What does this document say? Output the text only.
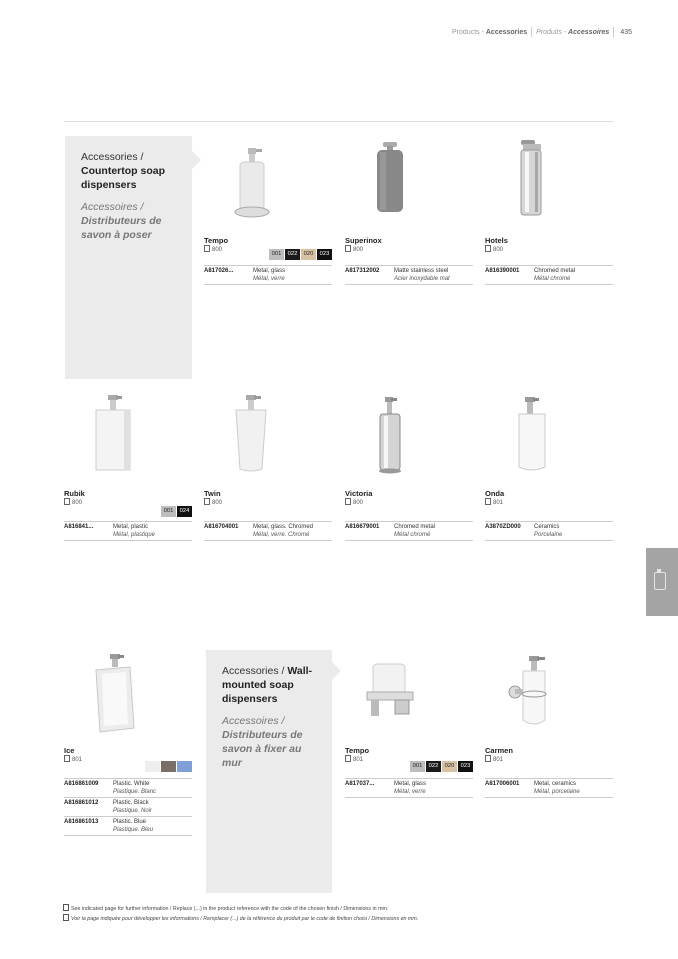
Products - Accessories Produits - Accessoires 435
Accessories / Countertop soap dispensers
Accessoires / Distributeurs de savon à poser
Accessories / Wall-mounted soap dispensers
Accessoires / Distributeurs de savon à fixer au mur
Tempo
800
001	022	020	023
A817026...	Metal, glass
Métal, verre
Superinox
800
A817312002	Matte stainless steel
Acier inoxydable mat
Hotels
800
A816390001	Chromed metal
Métal chromé
Rubik
800
001	024
A816841...	Metal, plastic
Métal, plastique
Twin
800
A816704001	Metal, glass. Chromed
Métal, verre. Chromé
Victoria
800
A816679001	Chromed metal
Métal chromé
Onda
801
A3870ZD000	Ceramics
Porcelaine
Ice
801
A816861009	Plastic. White
Plastique. Blanc
A816861012	Plastic. Black
Plastique. Noir
A816861013	Plastic. Blue
Plastique. Bleu
Tempo
801
001	022	020	023
A817037...	Metal, glass
Métal, verre
Carmen
801
A817006001	Metal, ceramics
Métal, porcelaine
See indicated page for further information / Replace (...) in the product reference with the code of the chosen finish / Dimensions in mm.
Voir la page indiquée pour développer les informations / Remplacer (...) de la référence du produit par le code de finition choisi / Dimensions en mm.
